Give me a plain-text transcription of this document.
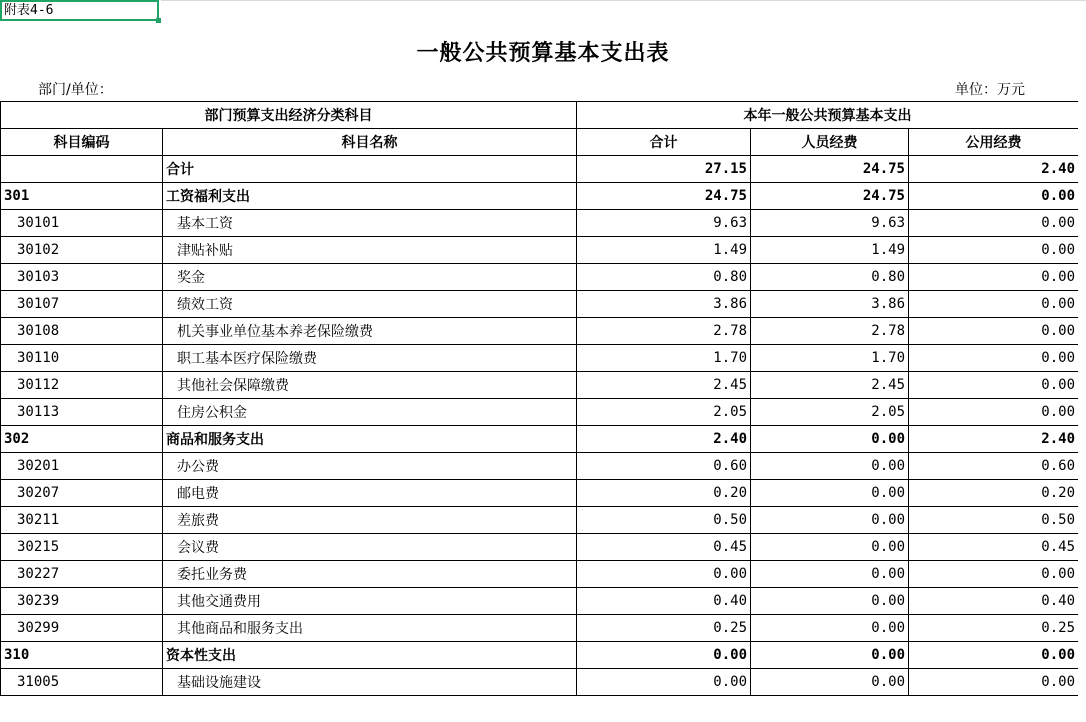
附表4-6
一般公共预算基本支出表
部门/单位：	单位：万元
部门预算支出经济分类科目		本年一般公共预算基本支出		
科目编码	科目名称	合计	人员经费	公用经费
	合计	27.15	24.75	2.40
301	工资福利支出	24.75	24.75	0.00
30101	基本工资	9.63	9.63	0.00
30102	津贴补贴	1.49	1.49	0.00
30103	奖金	0.80	0.80	0.00
30107	绩效工资	3.86	3.86	0.00
30108	机关事业单位基本养老保险缴费	2.78	2.78	0.00
30110	职工基本医疗保险缴费	1.70	1.70	0.00
30112	其他社会保障缴费	2.45	2.45	0.00
30113	住房公积金	2.05	2.05	0.00
302	商品和服务支出	2.40	0.00	2.40
30201	办公费	0.60	0.00	0.60
30207	邮电费	0.20	0.00	0.20
30211	差旅费	0.50	0.00	0.50
30215	会议费	0.45	0.00	0.45
30227	委托业务费	0.00	0.00	0.00
30239	其他交通费用	0.40	0.00	0.40
30299	其他商品和服务支出	0.25	0.00	0.25
310	资本性支出	0.00	0.00	0.00
31005	基础设施建设	0.00	0.00	0.00
